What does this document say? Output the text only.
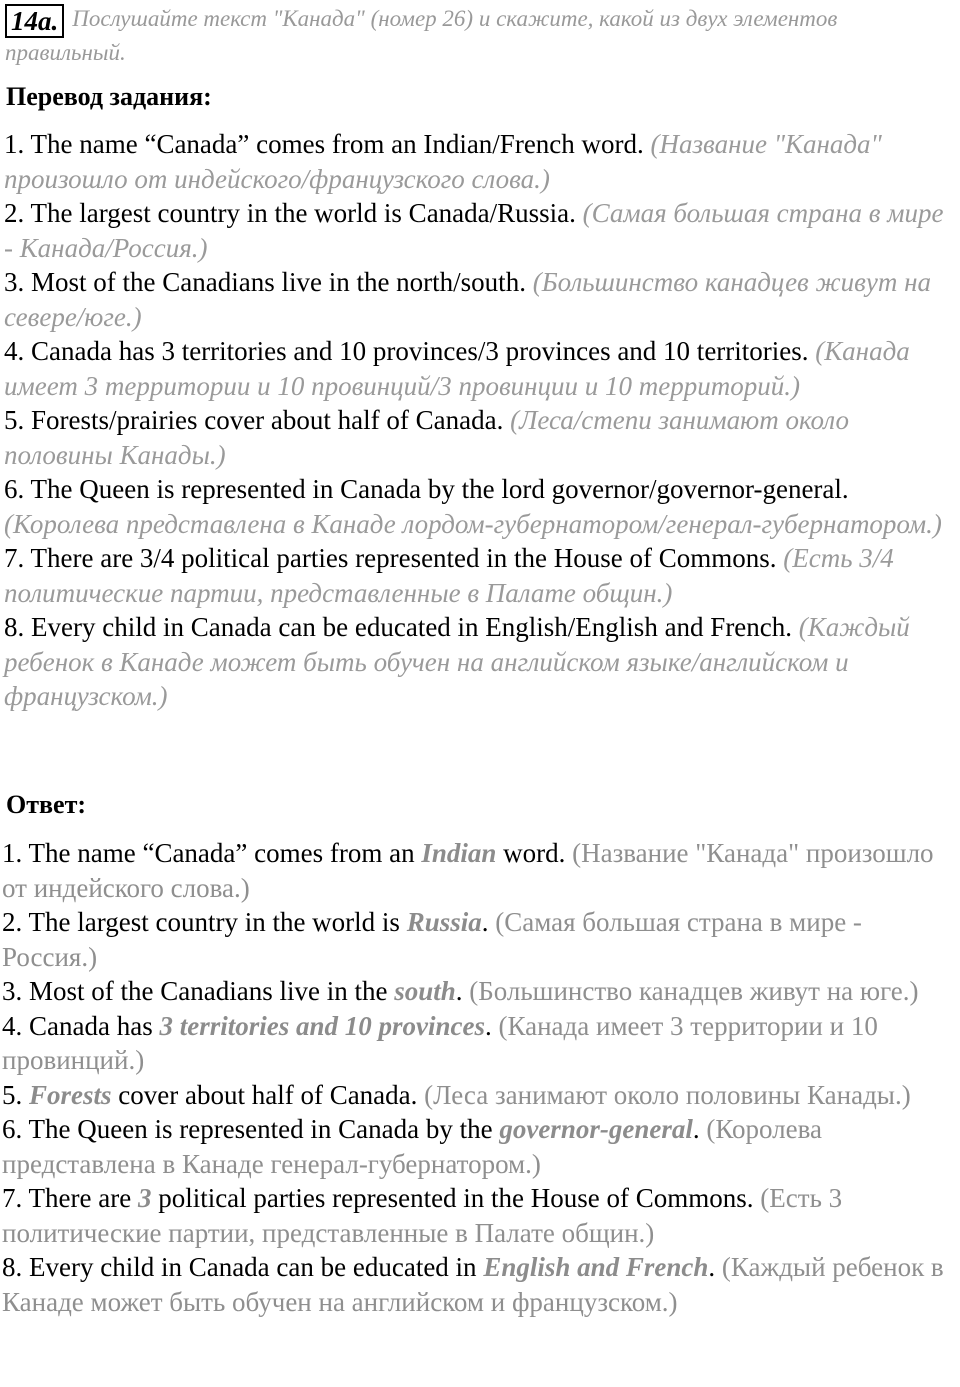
14a. Послушайте текст "Канада" (номер 26) и скажите, какой из двух элементов правильный.
Перевод задания:

1. The name “Canada” comes from an Indian/French word. (Название "Канада" произошло от индейского/французского слова.)

2. The largest country in the world is Canada/Russia. (Самая большая страна в мире - Канада/Россия.)

3. Most of the Canadians live in the north/south. (Большинство канадцев живут на севере/юге.)

4. Canada has 3 territories and 10 provinces/3 provinces and 10 territories. (Канада имеет 3 территории и 10 провинций/3 провинции и 10 территорий.)

5. Forests/prairies cover about half of Canada. (Леса/степи занимают около половины Канады.)

6. The Queen is represented in Canada by the lord governor/governor-general. (Королева представлена в Канаде лордом-губернатором/генерал-губернатором.)

7. There are 3/4 political parties represented in the House of Commons. (Есть 3/4 политические партии, представленные в Палате общин.)

8. Every child in Canada can be educated in English/English and French. (Каждый ребенок в Канаде может быть обучен на английском языке/английском и французском.)

Ответ:

1. The name “Canada” comes from an Indian word. (Название "Канада" произошло от индейского слова.)

2. The largest country in the world is Russia. (Самая большая страна в мире - Россия.)

3. Most of the Canadians live in the south. (Большинство канадцев живут на юге.)

4. Canada has 3 territories and 10 provinces. (Канада имеет 3 территории и 10 провинций.)

5. Forests cover about half of Canada. (Леса занимают около половины Канады.)

6. The Queen is represented in Canada by the governor-general. (Королева представлена в Канаде генерал-губернатором.)

7. There are 3 political parties represented in the House of Commons. (Есть 3 политические партии, представленные в Палате общин.)

8. Every child in Canada can be educated in English and French. (Каждый ребенок в Канаде может быть обучен на английском и французском.)
